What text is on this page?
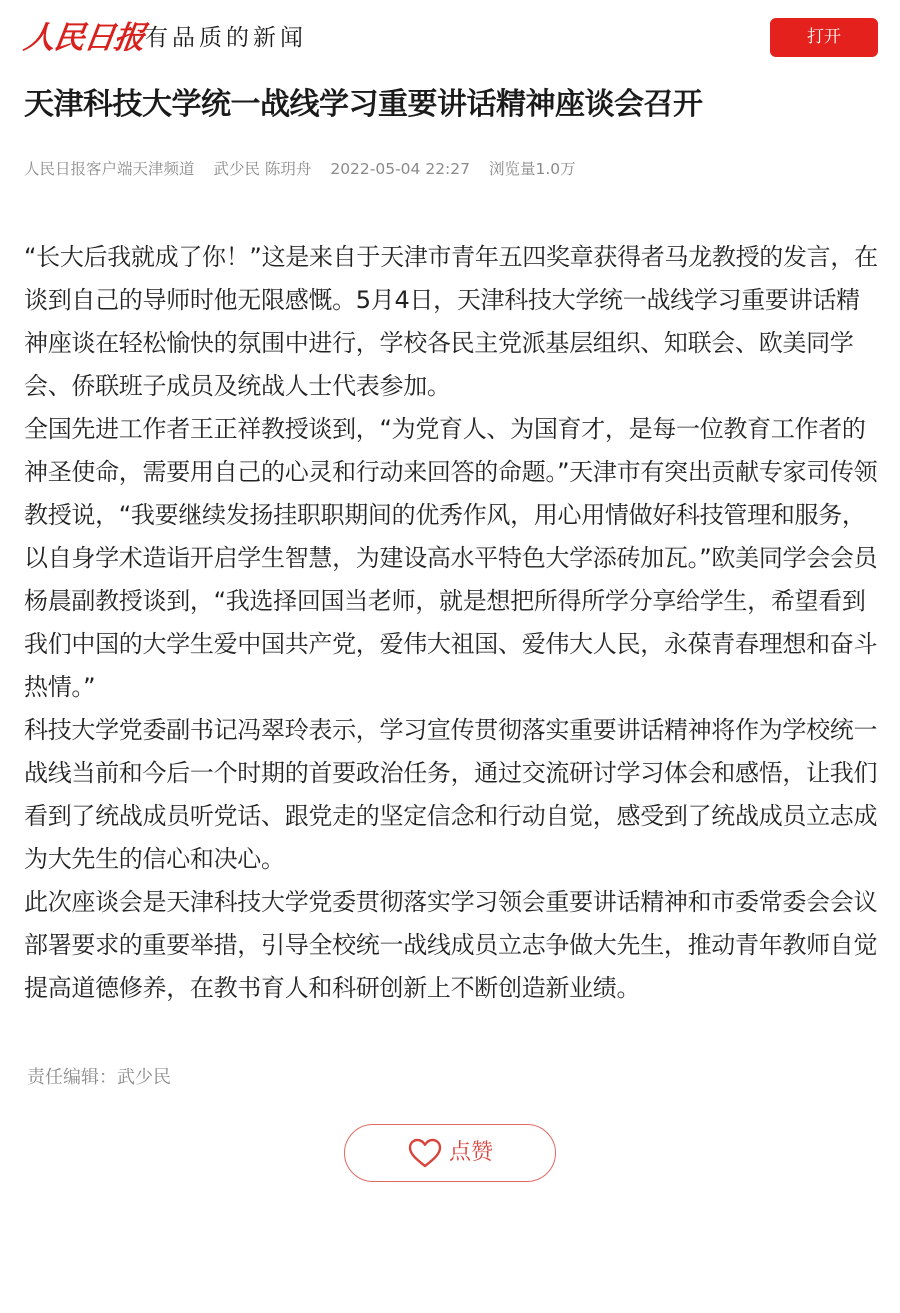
人民日报
有品质的新闻	打开
天津科技大学统一战线学习重要讲话精神座谈会召开
人民日报客户端天津频道 武少民 陈玥舟 2022-05-04 22:27 浏览量1.0万

“长大后我就成了你！”这是来自于天津市青年五四奖章获得者马龙教授的发言，在谈到自己的导师时他无限感慨。5月4日，天津科技大学统一战线学习重要讲话精神座谈在轻松愉快的氛围中进行，学校各民主党派基层组织、知联会、欧美同学会、侨联班子成员及统战人士代表参加。

全国先进工作者王正祥教授谈到，“为党育人、为国育才，是每一位教育工作者的神圣使命，需要用自己的心灵和行动来回答的命题。”天津市有突出贡献专家司传领教授说，“我要继续发扬挂职职期间的优秀作风，用心用情做好科技管理和服务，以自身学术造诣开启学生智慧，为建设高水平特色大学添砖加瓦。”欧美同学会会员杨晨副教授谈到，“我选择回国当老师，就是想把所得所学分享给学生，希望看到我们中国的大学生爱中国共产党，爱伟大祖国、爱伟大人民，永葆青春理想和奋斗热情。”

科技大学党委副书记冯翠玲表示，学习宣传贯彻落实重要讲话精神将作为学校统一战线当前和今后一个时期的首要政治任务，通过交流研讨学习体会和感悟，让我们看到了统战成员听党话、跟党走的坚定信念和行动自觉，感受到了统战成员立志成为大先生的信心和决心。

此次座谈会是天津科技大学党委贯彻落实学习领会重要讲话精神和市委常委会会议部署要求的重要举措，引导全校统一战线成员立志争做大先生，推动青年教师自觉提高道德修养，在教书育人和科研创新上不断创造新业绩。

责任编辑：武少民
点赞
